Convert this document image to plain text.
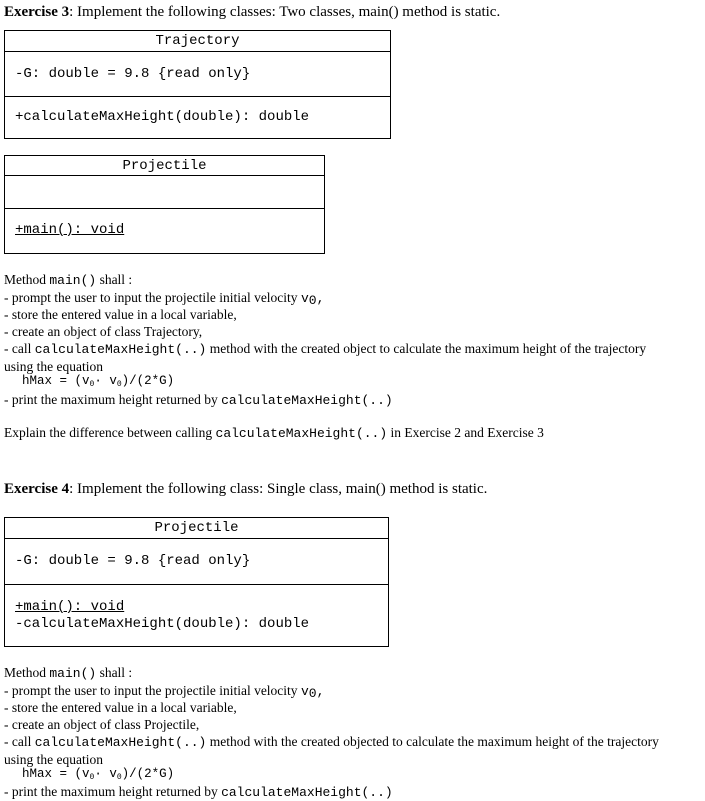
Exercise 3: Implement the following classes: Two classes, main() method is static.
Trajectory
-G: double = 9.8 {read only}
+calculateMaxHeight(double): double
Projectile
+main(): void
Method main() shall :
- prompt the user to input the projectile initial velocity v0,
- store the entered value in a local variable,
- create an object of class Trajectory,
- call calculateMaxHeight(..) method with the created object to calculate the maximum height of the trajectory
using the equation
hMax = $(v_0\cdot v_0)/(2*G)$
- print the maximum height returned by calculateMaxHeight(..)
Explain the difference between calling calculateMaxHeight(..) in Exercise 2 and Exercise 3
Exercise 4: Implement the following class: Single class, main() method is static.
Projectile
-G: double = 9.8 {read only}
+main(): void
-calculateMaxHeight(double): double
Method main() shall :
- prompt the user to input the projectile initial velocity v0,
- store the entered value in a local variable,
- create an object of class Projectile,
- call calculateMaxHeight(..) method with the created objected to calculate the maximum height of the trajectory
using the equation
hMax = $(v_0\cdot v_0)/(2*G)$
- print the maximum height returned by calculateMaxHeight(..)
